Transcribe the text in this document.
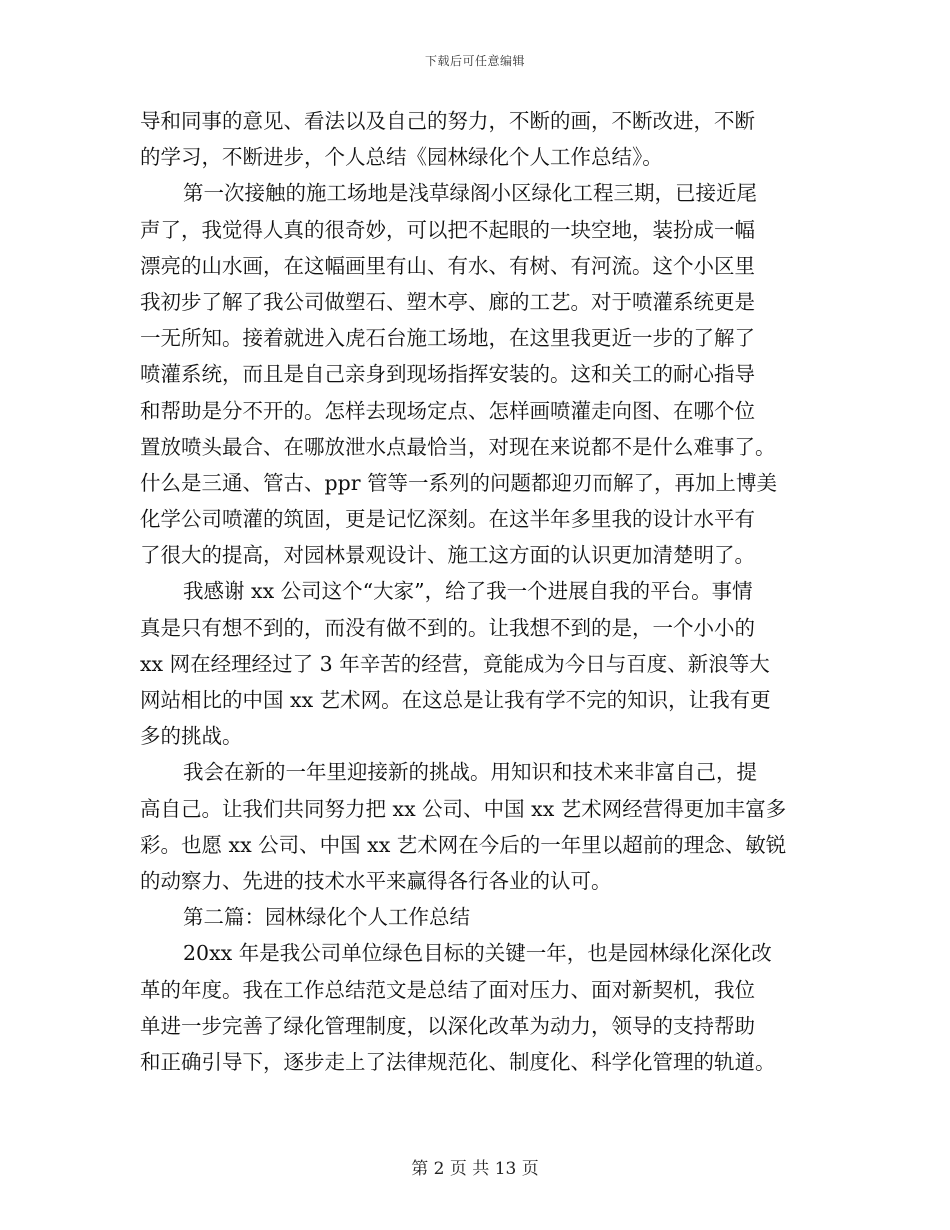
下载后可任意编辑
导和同事的意见、看法以及自己的努力，不断的画，不断改进，不断
的学习，不断进步，个人总结《园林绿化个人工作总结》。
第一次接触的施工场地是浅草绿阁小区绿化工程三期，已接近尾
声了，我觉得人真的很奇妙，可以把不起眼的一块空地，装扮成一幅
漂亮的山水画，在这幅画里有山、有水、有树、有河流。这个小区里
我初步了解了我公司做塑石、塑木亭、廊的工艺。对于喷灌系统更是
一无所知。接着就进入虎石台施工场地，在这里我更近一步的了解了
喷灌系统，而且是自己亲身到现场指挥安装的。这和关工的耐心指导
和帮助是分不开的。怎样去现场定点、怎样画喷灌走向图、在哪个位
置放喷头最合、在哪放泄水点最恰当，对现在来说都不是什么难事了。
什么是三通、管古、ppr 管等一系列的问题都迎刃而解了，再加上博美
化学公司喷灌的筑固，更是记忆深刻。在这半年多里我的设计水平有
了很大的提高，对园林景观设计、施工这方面的认识更加清楚明了。
我感谢 xx 公司这个“大家”，给了我一个进展自我的平台。事情
真是只有想不到的，而没有做不到的。让我想不到的是，一个小小的
xx 网在经理经过了 3 年辛苦的经营，竟能成为今日与百度、新浪等大
网站相比的中国 xx 艺术网。在这总是让我有学不完的知识，让我有更
多的挑战。
我会在新的一年里迎接新的挑战。用知识和技术来非富自己，提
高自己。让我们共同努力把 xx 公司、中国 xx 艺术网经营得更加丰富多
彩。也愿 xx 公司、中国 xx 艺术网在今后的一年里以超前的理念、敏锐
的动察力、先进的技术水平来赢得各行各业的认可。
第二篇：园林绿化个人工作总结
20xx 年是我公司单位绿色目标的关键一年，也是园林绿化深化改
革的年度。我在工作总结范文是总结了面对压力、面对新契机，我位
单进一步完善了绿化管理制度，以深化改革为动力，领导的支持帮助
和正确引导下，逐步走上了法律规范化、制度化、科学化管理的轨道。
第 2 页 共 13 页
